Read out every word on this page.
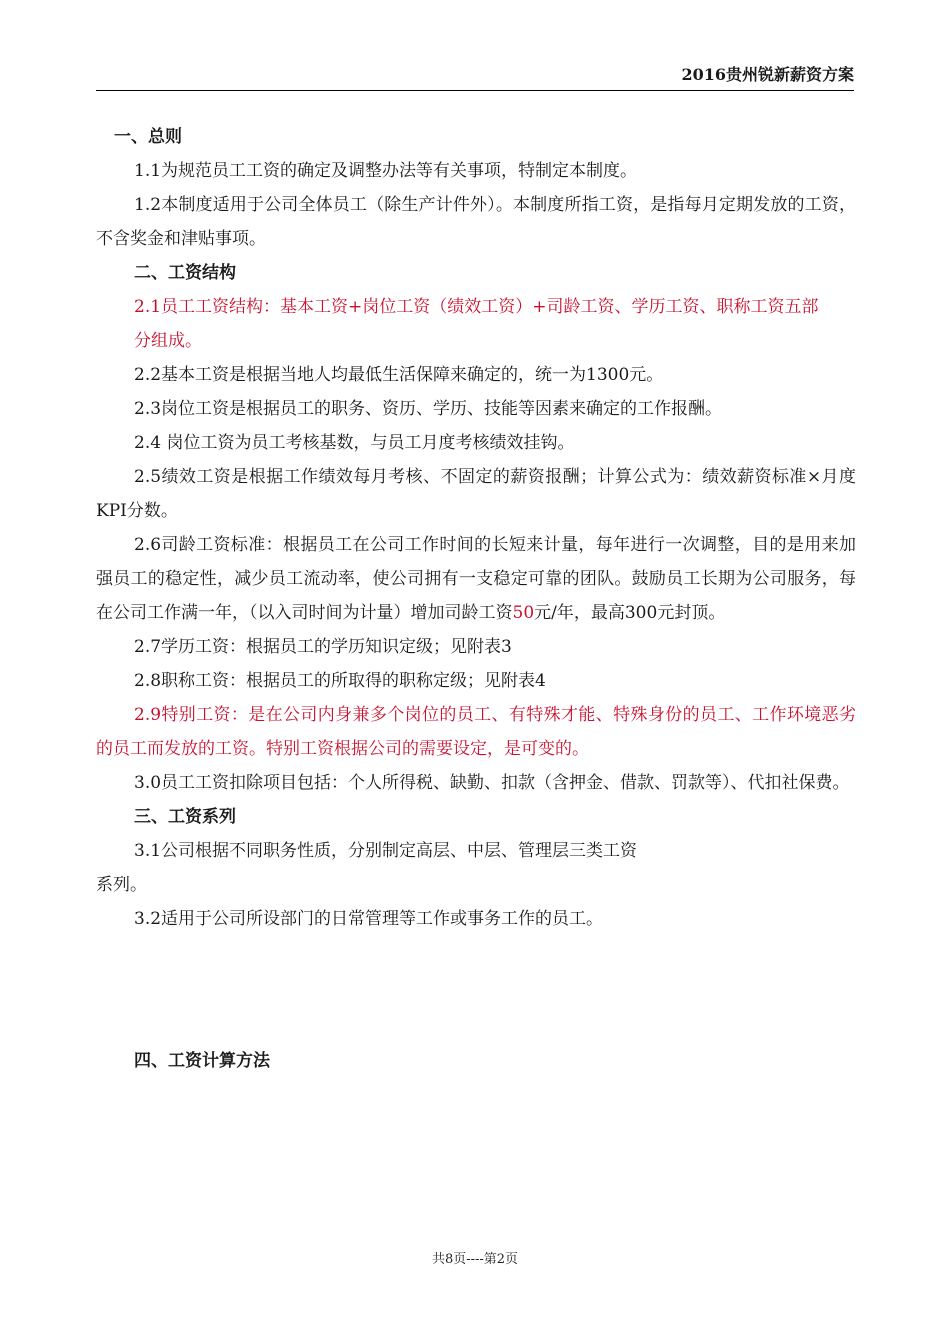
2016贵州锐新薪资方案

一、总则

1.1为规范员工工资的确定及调整办法等有关事项，特制定本制度。

1.2本制度适用于公司全体员工（除生产计件外）。本制度所指工资，是指每月定期发放的工资，不含奖金和津贴事项。

二、工资结构

2.1员工工资结构：基本工资+岗位工资（绩效工资）+司龄工资、学历工资、职称工资五部

分组成。

2.2基本工资是根据当地人均最低生活保障来确定的，统一为1300元。

2.3岗位工资是根据员工的职务、资历、学历、技能等因素来确定的工作报酬。

2.4 岗位工资为员工考核基数，与员工月度考核绩效挂钩。

2.5绩效工资是根据工作绩效每月考核、不固定的薪资报酬；计算公式为：绩效薪资标准×月度KPI分数。

2.6司龄工资标准：根据员工在公司工作时间的长短来计量，每年进行一次调整，目的是用来加强员工的稳定性，减少员工流动率，使公司拥有一支稳定可靠的团队。鼓励员工长期为公司服务，每在公司工作满一年，（以入司时间为计量）增加司龄工资50元/年，最高300元封顶。

2.7学历工资：根据员工的学历知识定级；见附表3

2.8职称工资：根据员工的所取得的职称定级；见附表4

2.9特别工资：是在公司内身兼多个岗位的员工、有特殊才能、特殊身份的员工、工作环境恶劣的员工而发放的工资。特别工资根据公司的需要设定，是可变的。

3.0员工工资扣除项目包括：个人所得税、缺勤、扣款（含押金、借款、罚款等）、代扣社保费。

三、工资系列

3.1公司根据不同职务性质，分别制定高层、中层、管理层三类工资

系列。

3.2适用于公司所设部门的日常管理等工作或事务工作的员工。

四、工资计算方法

共8页----第2页
